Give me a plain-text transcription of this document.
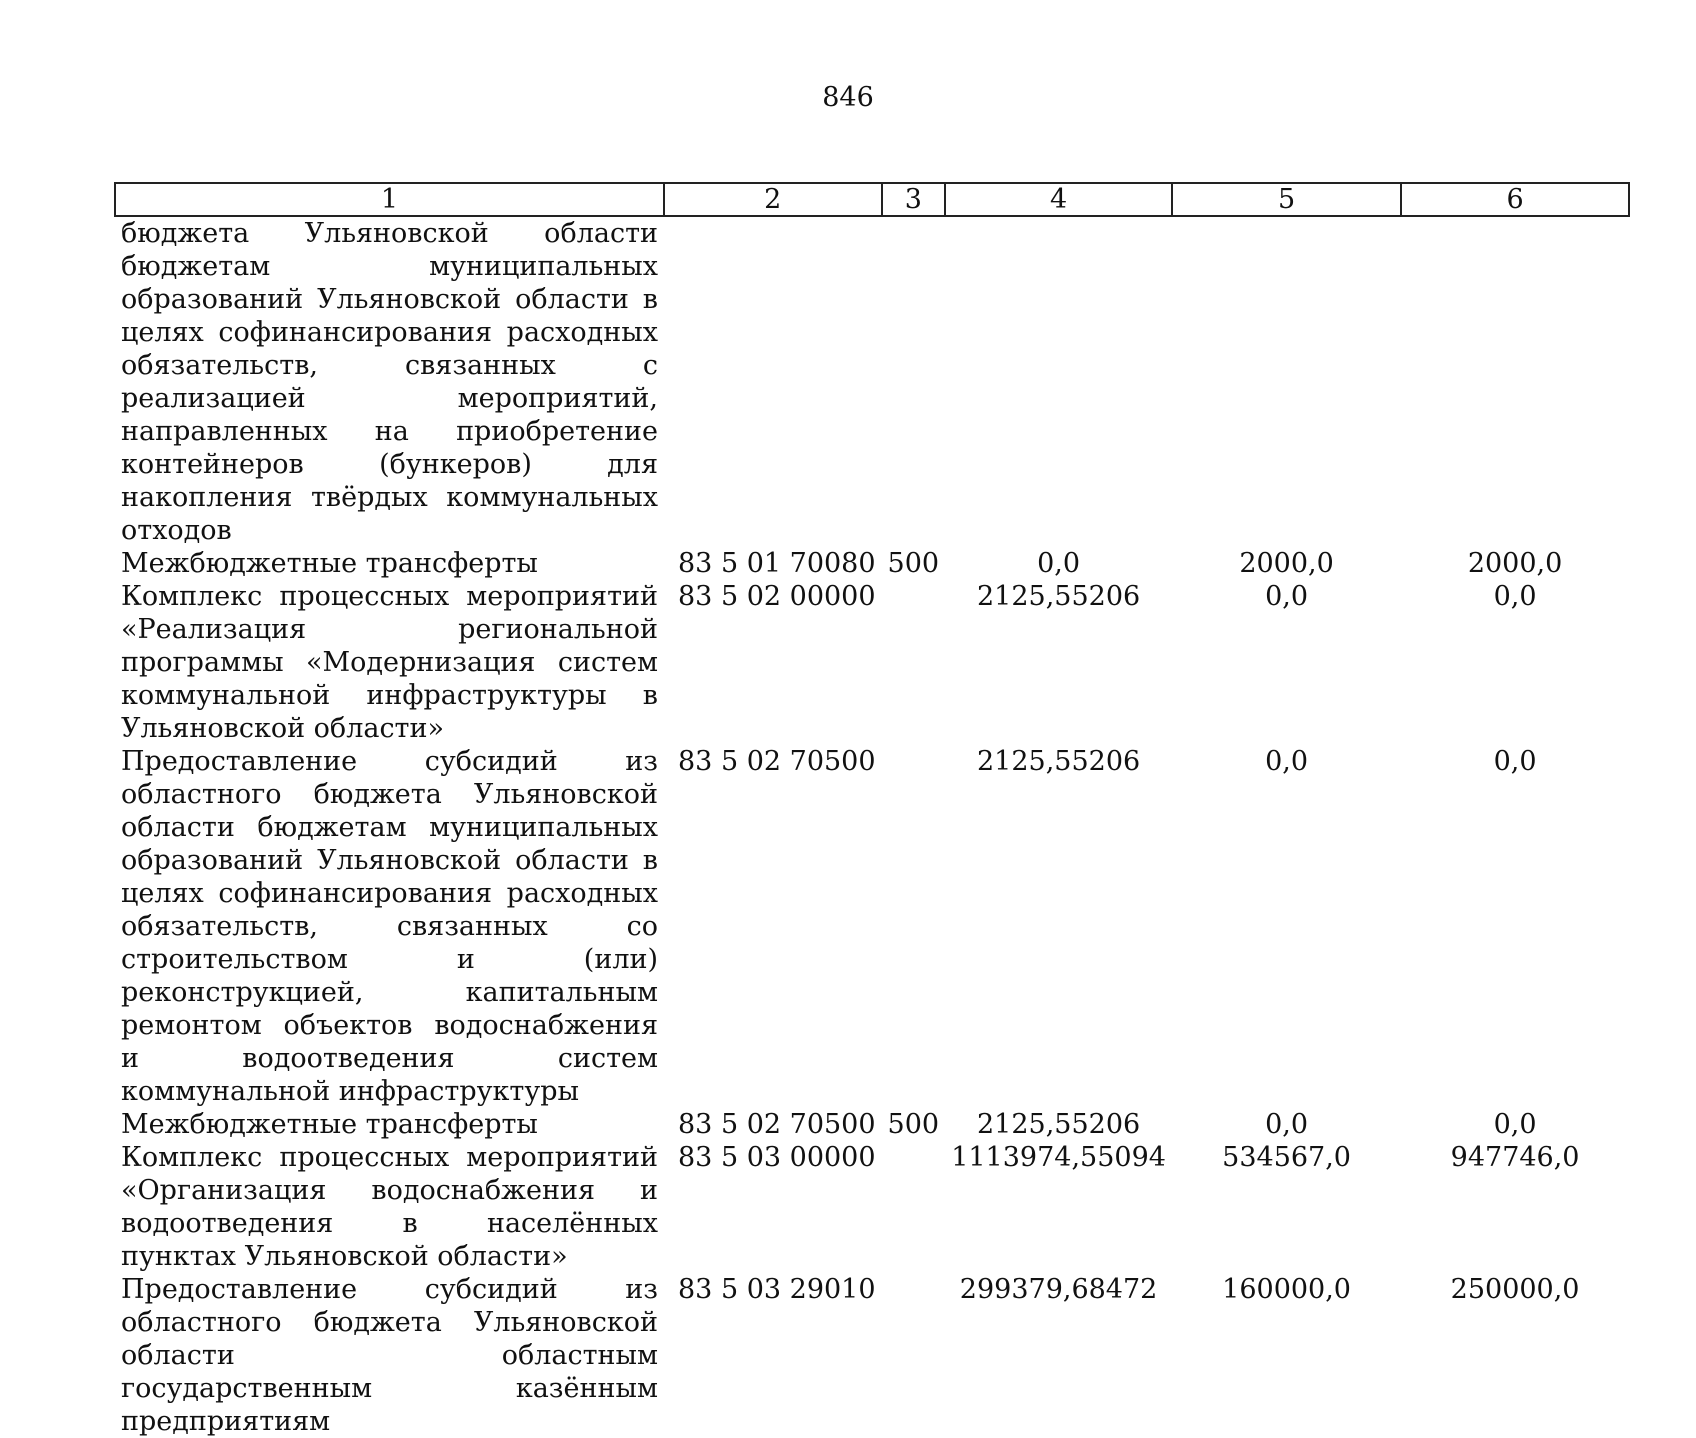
846
1	2	3	4	5	6
бюджета Ульяновской области бюджетам муниципальных образований Ульяновской области в целях софинансирования расходных обязательств, связанных с реализацией мероприятий, направленных на приобретение контейнеров (бункеров) для накопления твёрдых коммунальных отходов					
Межбюджетные трансферты	83 5 01 70080	500	0,0	2000,0	2000,0
Комплекс процессных мероприятий «Реализация региональной программы «Модернизация систем коммунальной инфраструктуры в Ульяновской области»	83 5 02 00000		2125,55206	0,0	0,0
Предоставление субсидий из областного бюджета Ульяновской области бюджетам муниципальных образований Ульяновской области в целях софинансирования расходных обязательств, связанных со строительством и (или) реконструкцией, капитальным ремонтом объектов водоснабжения и водоотведения систем коммунальной инфраструктуры	83 5 02 70500		2125,55206	0,0	0,0
Межбюджетные трансферты	83 5 02 70500	500	2125,55206	0,0	0,0
Комплекс процессных мероприятий «Организация водоснабжения и водоотведения в населённых пунктах Ульяновской области»	83 5 03 00000		1113974,55094	534567,0	947746,0
Предоставление субсидий из областного бюджета Ульяновской области областным государственным казённым предприятиям	83 5 03 29010		299379,68472	160000,0	250000,0
